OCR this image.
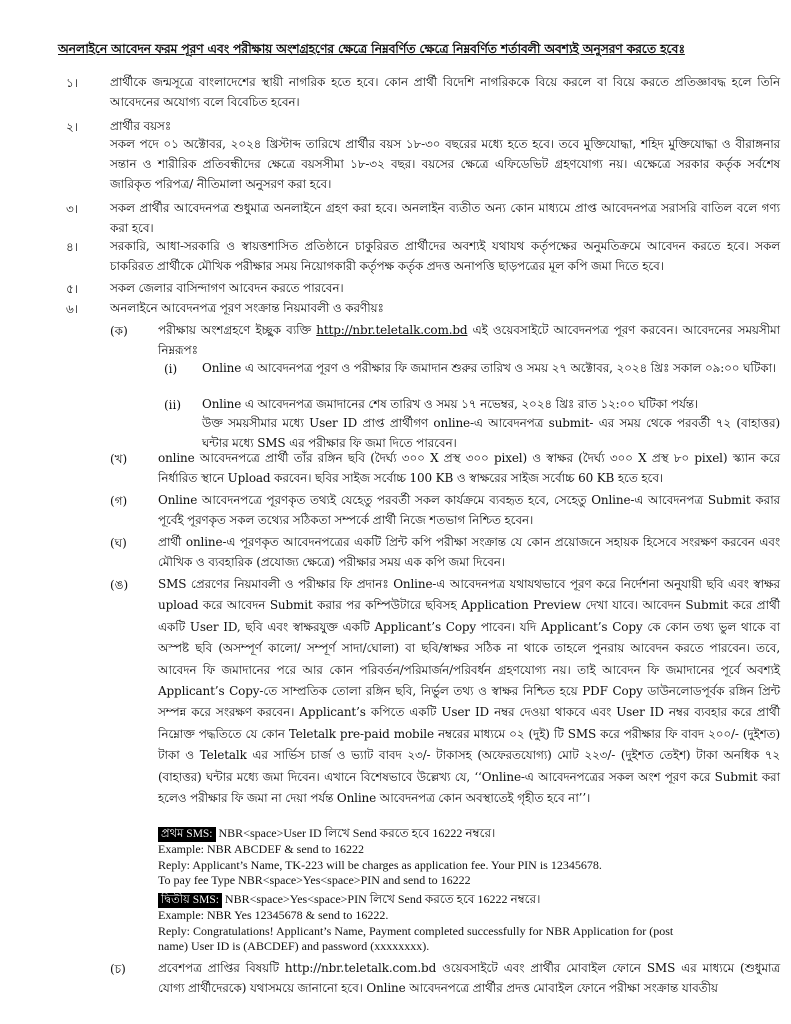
অনলাইনে আবেদন ফরম পূরণ এবং পরীক্ষায় অংশগ্রহণের ক্ষেত্রে নিম্নবর্ণিত ক্ষেত্রে নিম্নবর্ণিত শর্তাবলী অবশ্যই অনুসরণ করতে হবেঃ
১।	প্রার্থীকে জন্মসূত্রে বাংলাদেশের স্থায়ী নাগরিক হতে হবে। কোন প্রার্থী বিদেশি নাগরিককে বিয়ে করলে বা বিয়ে করতে প্রতিজ্ঞাবদ্ধ হলে তিনি আবেদনের অযোগ্য বলে বিবেচিত হবেন।
২।	প্রার্থীর বয়সঃ
সকল পদে ০১ অক্টোবর, ২০২৪ খ্রিস্টাব্দ তারিখে প্রার্থীর বয়স ১৮-৩০ বছরের মধ্যে হতে হবে। তবে মুক্তিযোদ্ধা, শহিদ মুক্তিযোদ্ধা ও বীরাঙ্গনার সন্তান ও শারীরিক প্রতিবন্ধীদের ক্ষেত্রে বয়সসীমা ১৮-৩২ বছর। বয়সের ক্ষেত্রে এফিডেভিট গ্রহণযোগ্য নয়। এক্ষেত্রে সরকার কর্তৃক সর্বশেষ জারিকৃত পরিপত্র/ নীতিমালা অনুসরণ করা হবে।
৩।	সকল প্রার্থীর আবেদনপত্র শুধুমাত্র অনলাইনে গ্রহণ করা হবে। অনলাইন ব্যতীত অন্য কোন মাধ্যমে প্রাপ্ত আবেদনপত্র সরাসরি বাতিল বলে গণ্য করা হবে।
৪।	সরকারি, আধা-সরকারি ও স্বায়ত্তশাসিত প্রতিষ্ঠানে চাকুরিরত প্রার্থীদের অবশ্যই যথাযথ কর্তৃপক্ষের অনুমতিক্রমে আবেদন করতে হবে। সকল চাকরিরত প্রার্থীকে মৌখিক পরীক্ষার সময় নিয়োগকারী কর্তৃপক্ষ কর্তৃক প্রদত্ত অনাপত্তি ছাড়পত্রের মূল কপি জমা দিতে হবে।
৫।	সকল জেলার বাসিন্দাগণ আবেদন করতে পারবেন।
৬।	অনলাইনে আবেদনপত্র পূরণ সংক্রান্ত নিয়মাবলী ও করণীয়ঃ
(ক)	পরীক্ষায় অংশগ্রহণে ইচ্ছুক ব্যক্তি http://nbr.teletalk.com.bd এই ওয়েবসাইটে আবেদনপত্র পূরণ করবেন। আবেদনের সময়সীমা নিম্নরূপঃ
(i) Online এ আবেদনপত্র পূরণ ও পরীক্ষার ফি জমাদান শুরুর তারিখ ও সময় ২৭ অক্টোবর, ২০২৪ খ্রিঃ সকাল ০৯:০০ ঘটিকা।
(ii) Online এ আবেদনপত্র জমাদানের শেষ তারিখ ও সময় ১৭ নভেম্বর, ২০২৪ খ্রিঃ রাত ১২:০০ ঘটিকা পর্যন্ত।
উক্ত সময়সীমার মধ্যে User ID প্রাপ্ত প্রার্থীগণ online-এ আবেদনপত্র submit- এর সময় থেকে পরবর্তী ৭২ (বাহাত্তর) ঘন্টার মধ্যে SMS এর পরীক্ষার ফি জমা দিতে পারবেন।
(খ)	online আবেদনপত্রে প্রার্থী তাঁর রঙ্গিন ছবি (দৈর্ঘ্য ৩০০ X প্রস্থ ৩০০ pixel) ও স্বাক্ষর (দৈর্ঘ্য ৩০০ X প্রস্থ ৮০ pixel) স্ক্যান করে নির্ধারিত স্থানে Upload করবেন। ছবির সাইজ সর্বোচ্চ 100 KB ও স্বাক্ষরের সাইজ সর্বোচ্চ 60 KB হতে হবে।
(গ)	Online আবেদনপত্রে পূরণকৃত তথ্যই যেহেতু পরবর্তী সকল কার্যক্রমে ব্যবহৃত হবে, সেহেতু Online-এ আবেদনপত্র Submit করার পূর্বেই পূরণকৃত সকল তথ্যের সঠিকতা সম্পর্কে প্রার্থী নিজে শতভাগ নিশ্চিত হবেন।
(ঘ)	প্রার্থী online-এ পূরণকৃত আবেদনপত্রের একটি প্রিন্ট কপি পরীক্ষা সংক্রান্ত যে কোন প্রয়োজনে সহায়ক হিসেবে সংরক্ষণ করবেন এবং মৌখিক ও ব্যবহারিক (প্রযোজ্য ক্ষেত্রে) পরীক্ষার সময় এক কপি জমা দিবেন।
(ঙ) SMS প্রেরণের নিয়মাবলী ও পরীক্ষার ফি প্রদানঃ Online-এ আবেদনপত্র যথাযথভাবে পূরণ করে নির্দেশনা অনুযায়ী ছবি এবং স্বাক্ষর upload করে আবেদন Submit করার পর কম্পিউটারে ছবিসহ Application Preview দেখা যাবে। আবেদন Submit করে প্রার্থী একটি User ID, ছবি এবং স্বাক্ষরযুক্ত একটি Applicant’s Copy পাবেন। যদি Applicant’s Copy কে কোন তথ্য ভুল থাকে বা অস্পষ্ট ছবি (অসম্পূর্ণ কালো/ সম্পূর্ণ সাদা/ঘোলা) বা ছবি/স্বাক্ষর সঠিক না থাকে তাহলে পুনরায় আবেদন করতে পারবেন। তবে, আবেদন ফি জমাদানের পরে আর কোন পরিবর্তন/পরিমার্জন/পরিবর্ধন গ্রহণযোগ্য নয়। তাই আবেদন ফি জমাদানের পূর্বে অবশ্যই Applicant’s Copy-তে সাম্প্রতিক তোলা রঙ্গিন ছবি, নির্ভুল তথ্য ও স্বাক্ষর নিশ্চিত হয়ে PDF Copy ডাউনলোডপূর্বক রঙ্গিন প্রিন্ট সম্পন্ন করে সংরক্ষণ করবেন। Applicant’s কপিতে একটি User ID নম্বর দেওয়া থাকবে এবং User ID নম্বর ব্যবহার করে প্রার্থী নিম্নোক্ত পদ্ধতিতে যে কোন Teletalk pre-paid mobile নম্বরের মাধ্যমে ০২ (দুই) টি SMS করে পরীক্ষার ফি বাবদ ২০০/- (দুইশত) টাকা ও Teletalk এর সার্ভিস চার্জ ও ভ্যাট বাবদ ২৩/- টাকাসহ (অফেরতযোগ্য) মোট ২২৩/- (দুইশত তেইশ) টাকা অনধিক ৭২ (বাহাত্তর) ঘন্টার মধ্যে জমা দিবেন। এখানে বিশেষভাবে উল্লেখ্য যে, ‘‘Online-এ আবেদনপত্রের সকল অংশ পূরণ করে Submit করা হলেও পরীক্ষার ফি জমা না দেয়া পর্যন্ত Online আবেদনপত্র কোন অবস্থাতেই গৃহীত হবে না’’।
প্রথম SMS: NBR<space>User ID লিখে Send করতে হবে 16222 নম্বরে।
Example: NBR ABCDEF & send to 16222
Reply: Applicant’s Name, TK-223 will be charges as application fee. Your PIN is 12345678.
To pay fee Type NBR<space>Yes<space>PIN and send to 16222
দ্বিতীয় SMS: NBR<space>Yes<space>PIN লিখে Send করতে হবে 16222 নম্বরে।
Example: NBR Yes 12345678 & send to 16222.
Reply: Congratulations! Applicant’s Name, Payment completed successfully for NBR Application for (post
name) User ID is (ABCDEF) and password (xxxxxxxx).
(চ)	প্রবেশপত্র প্রাপ্তির বিষয়টি http://nbr.teletalk.com.bd ওয়েবসাইটে এবং প্রার্থীর মোবাইল ফোনে SMS এর মাধ্যমে (শুধুমাত্র যোগ্য প্রার্থীদেরকে) যথাসময়ে জানানো হবে। Online আবেদনপত্রে প্রার্থীর প্রদত্ত মোবাইল ফোনে পরীক্ষা সংক্রান্ত যাবতীয়
